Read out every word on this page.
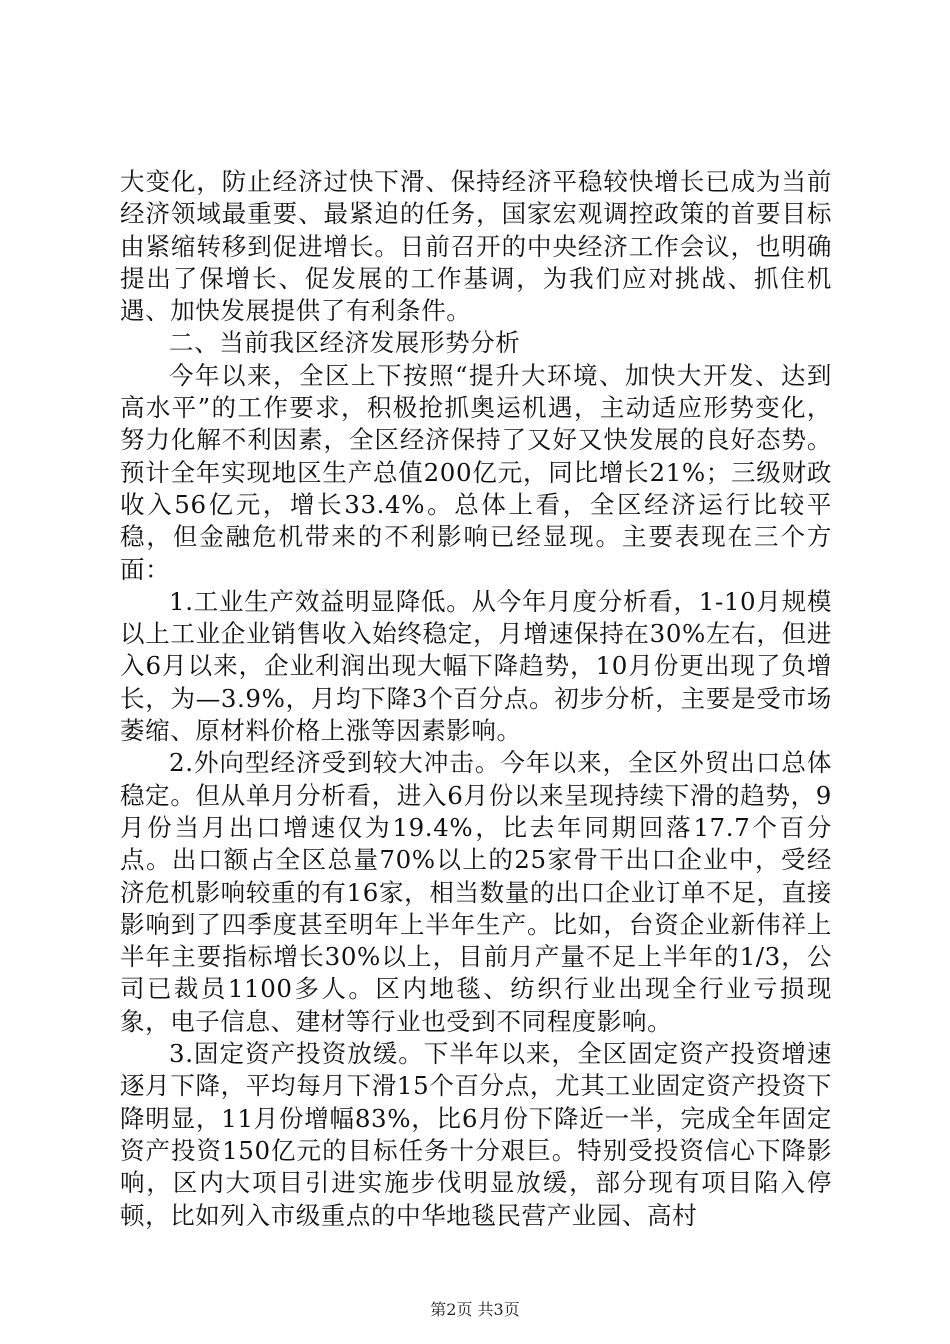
大变化，防止经济过快下滑、保持经济平稳较快增长已成为当前经济领域最重要、最紧迫的任务，国家宏观调控政策的首要目标由紧缩转移到促进增长。日前召开的中央经济工作会议，也明确提出了保增长、促发展的工作基调，为我们应对挑战、抓住机遇、加快发展提供了有利条件。

二、当前我区经济发展形势分析

今年以来，全区上下按照“提升大环境、加快大开发、达到高水平”的工作要求，积极抢抓奥运机遇，主动适应形势变化，努力化解不利因素，全区经济保持了又好又快发展的良好态势。预计全年实现地区生产总值200亿元，同比增长21%；三级财政收入56亿元，增长33.4%。总体上看，全区经济运行比较平稳，但金融危机带来的不利影响已经显现。主要表现在三个方面：

1.工业生产效益明显降低。从今年月度分析看，1-10月规模以上工业企业销售收入始终稳定，月增速保持在30%左右，但进入6月以来，企业利润出现大幅下降趋势，10月份更出现了负增长，为—3.9%，月均下降3个百分点。初步分析，主要是受市场萎缩、原材料价格上涨等因素影响。

2.外向型经济受到较大冲击。今年以来，全区外贸出口总体稳定。但从单月分析看，进入6月份以来呈现持续下滑的趋势，9月份当月出口增速仅为19.4%，比去年同期回落17.7个百分点。出口额占全区总量70%以上的25家骨干出口企业中，受经济危机影响较重的有16家，相当数量的出口企业订单不足，直接影响到了四季度甚至明年上半年生产。比如，台资企业新伟祥上半年主要指标增长30%以上，目前月产量不足上半年的1/3，公司已裁员1100多人。区内地毯、纺织行业出现全行业亏损现象，电子信息、建材等行业也受到不同程度影响。

3.固定资产投资放缓。下半年以来，全区固定资产投资增速逐月下降，平均每月下滑15个百分点，尤其工业固定资产投资下降明显，11月份增幅83%，比6月份下降近一半，完成全年固定资产投资150亿元的目标任务十分艰巨。特别受投资信心下降影响，区内大项目引进实施步伐明显放缓，部分现有项目陷入停顿，比如列入市级重点的中华地毯民营产业园、高村

第2页 共3页
